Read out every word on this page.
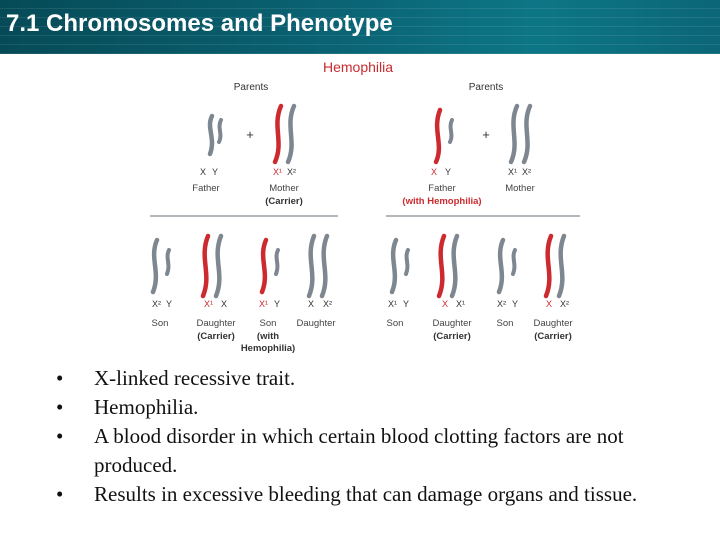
7.1 Chromosomes and Phenotype
Hemophilia
Parents
+
X Y	X¹ X²
Father	Mother
(Carrier)
X² Y	X¹ X	X¹ Y	X X²
Son	Daughter
(Carrier)
Son
(with
Hemophilia)
Daughter
Parents
+
X Y	X¹ X²
Father
(with Hemophilia)
Mother
X¹ Y	X X¹	X² Y	X X²
Son	Daughter
(Carrier)
Son Daughter
(Carrier)
• X-linked recessive trait.
• Hemophilia.
• A blood disorder in which certain blood clotting factors are not produced.
• Results in excessive bleeding that can damage organs and tissue.
